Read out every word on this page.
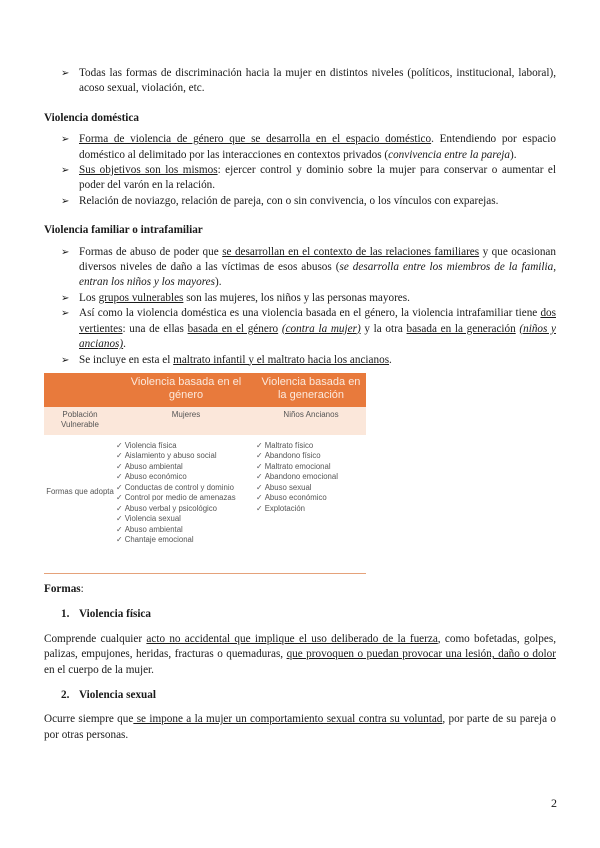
➢ Todas las formas de discriminación hacia la mujer en distintos niveles (políticos, institucional, laboral), acoso sexual, violación, etc.

Violencia doméstica

➢ Forma de violencia de género que se desarrolla en el espacio doméstico. Entendiendo por espacio doméstico al delimitado por las interacciones en contextos privados (convivencia entre la pareja).

➢ Sus objetivos son los mismos: ejercer control y dominio sobre la mujer para conservar o aumentar el poder del varón en la relación.

➢ Relación de noviazgo, relación de pareja, con o sin convivencia, o los vínculos con exparejas.

Violencia familiar o intrafamiliar

➢ Formas de abuso de poder que se desarrollan en el contexto de las relaciones familiares y que ocasionan diversos niveles de daño a las víctimas de esos abusos (se desarrolla entre los miembros de la familia, entran los niños y los mayores).

➢ Los grupos vulnerables son las mujeres, los niños y las personas mayores.

➢ Así como la violencia doméstica es una violencia basada en el género, la violencia intrafamiliar tiene dos vertientes: una de ellas basada en el género (contra la mujer) y la otra basada en la generación (niños y ancianos).

➢ Se incluye en esta el maltrato infantil y el maltrato hacia los ancianos.

Violencia basada en el género
Violencia basada en la generación
Población Vulnerable
Mujeres	Niños Ancianos
Formas que adopta
✓ Violencia física
✓ Aislamiento y abuso social
✓ Abuso ambiental
✓ Abuso económico
✓ Conductas de control y dominio
✓ Control por medio de amenazas
✓ Abuso verbal y psicológico
✓ Violencia sexual
✓ Abuso ambiental
✓ Chantaje emocional
✓ Maltrato físico
✓ Abandono físico
✓ Maltrato emocional
✓ Abandono emocional
✓ Abuso sexual
✓ Abuso económico
✓ Explotación
Formas:
1. Violencia física

Comprende cualquier acto no accidental que implique el uso deliberado de la fuerza, como bofetadas, golpes, palizas, empujones, heridas, fracturas o quemaduras, que provoquen o puedan provocar una lesión, daño o dolor en el cuerpo de la mujer.

2. Violencia sexual

Ocurre siempre que se impone a la mujer un comportamiento sexual contra su voluntad, por parte de su pareja o por otras personas.

2
